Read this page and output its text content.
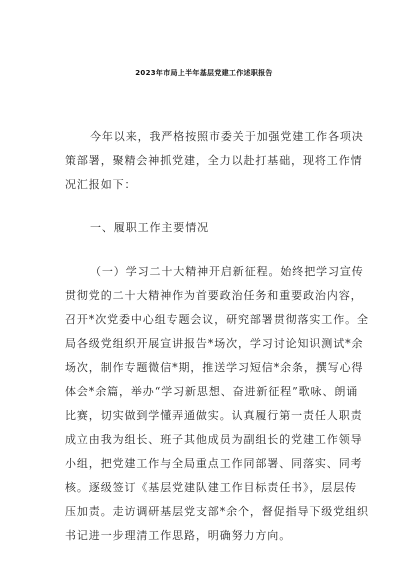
2023年市局上半年基层党建工作述职报告
今年以来，我严格按照市委关于加强党建工作各项决
策部署，聚精会神抓党建，全力以赴打基础，现将工作情
况汇报如下：
一、履职工作主要情况
（一）学习二十大精神开启新征程。始终把学习宣传
贯彻党的二十大精神作为首要政治任务和重要政治内容，
召开*次党委中心组专题会议，研究部署贯彻落实工作。全
局各级党组织开展宣讲报告*场次，学习讨论知识测试*余
场次，制作专题微信*期，推送学习短信*余条，撰写心得
体会*余篇，举办“学习新思想、奋进新征程”歌咏、朗诵
比赛，切实做到学懂弄通做实。认真履行第一责任人职责
成立由我为组长、班子其他成员为副组长的党建工作领导
小组，把党建工作与全局重点工作同部署、同落实、同考
核。逐级签订《基层党建队建工作目标责任书》，层层传
压加责。走访调研基层党支部*余个，督促指导下级党组织
书记进一步理清工作思路，明确努力方向。
